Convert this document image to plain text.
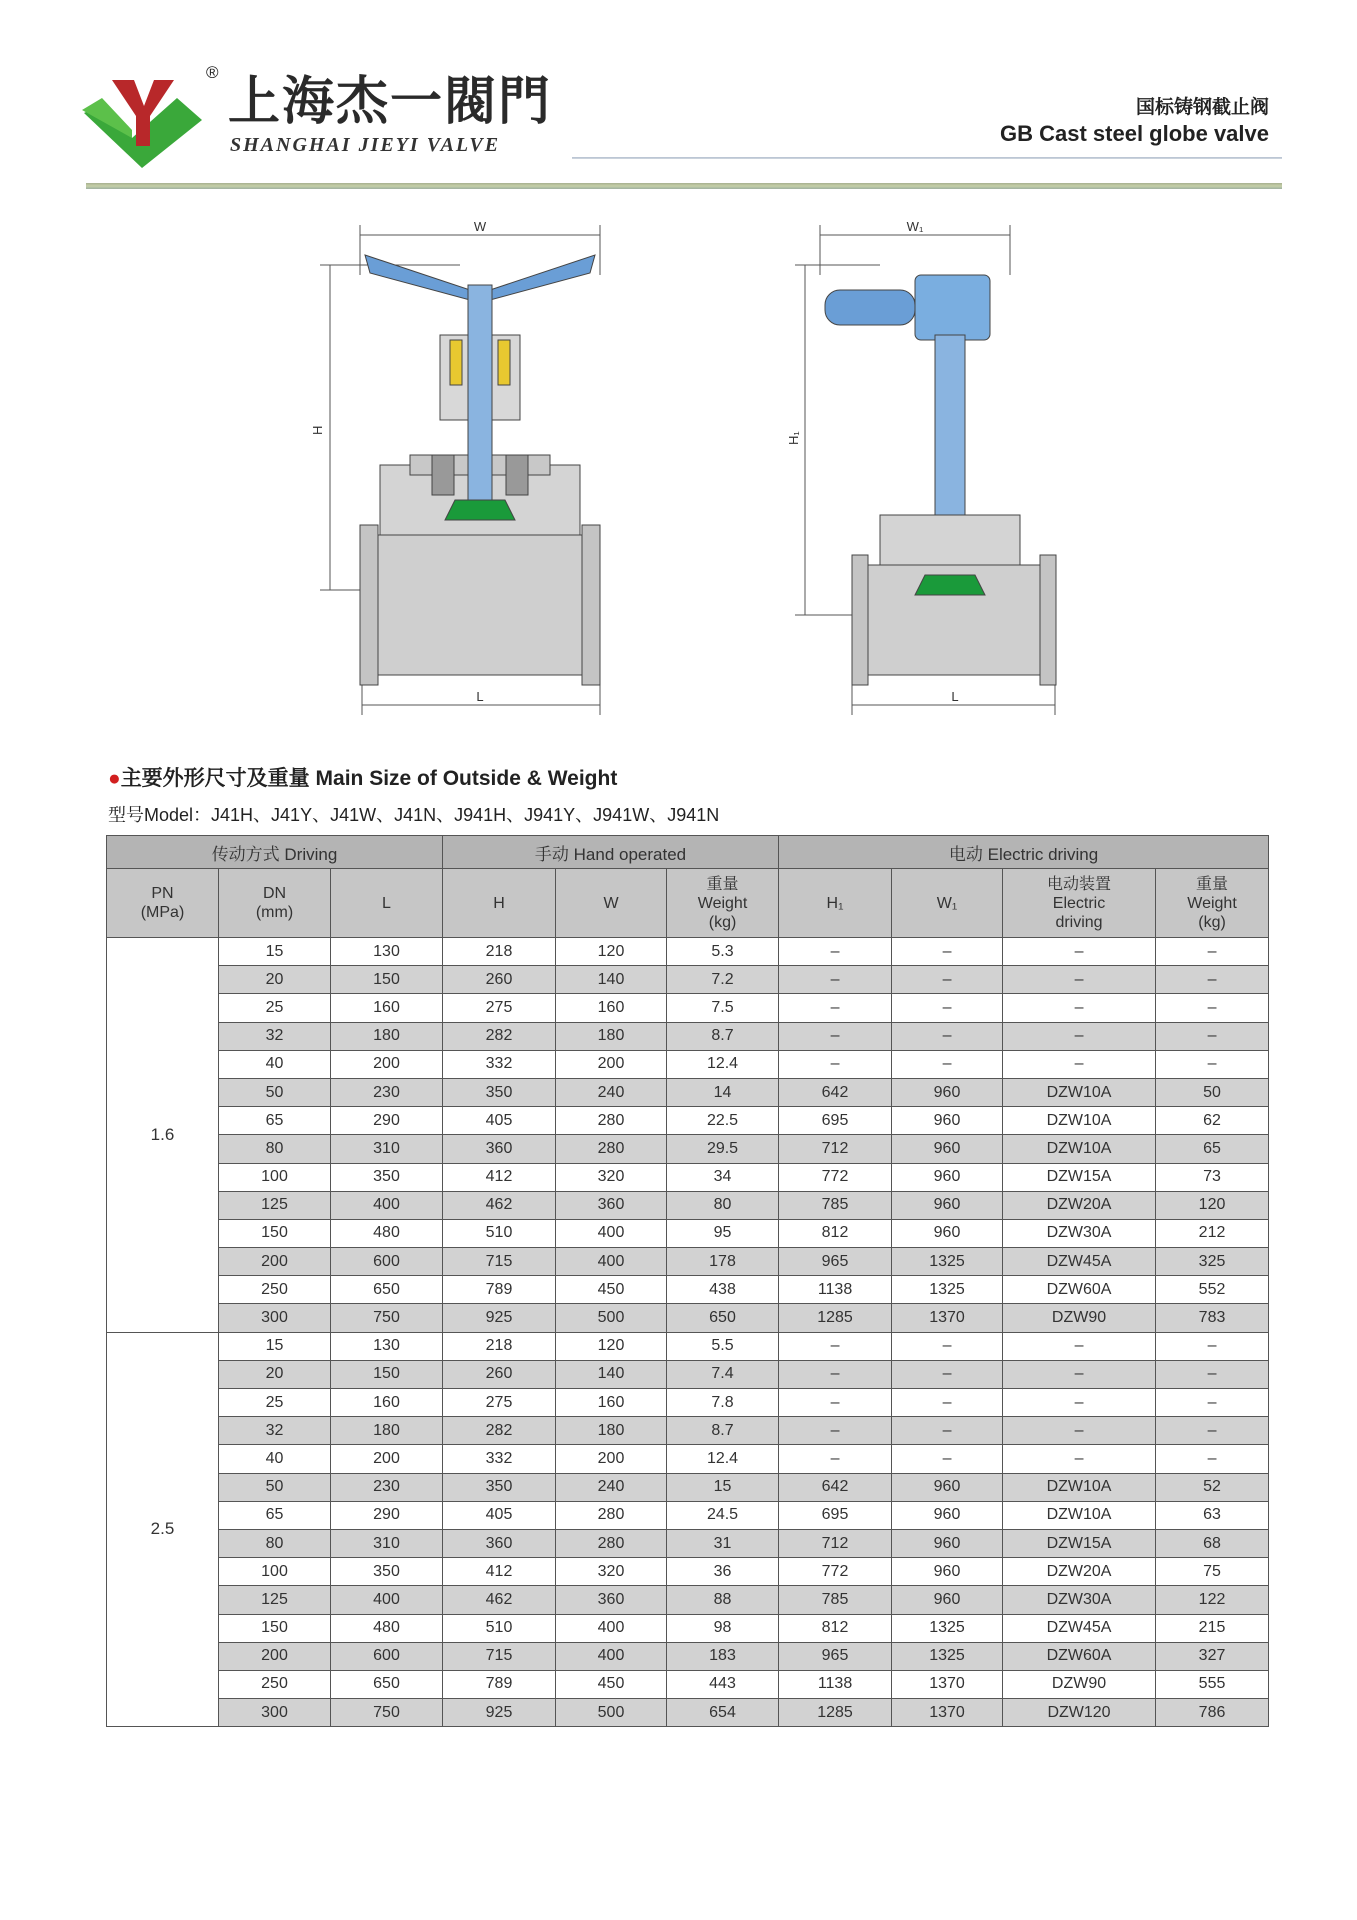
® 上海杰一閥門
SHANGHAI JIEYI VALVE
国标铸钢截止阀
GB Cast steel globe valve
W
H
L
W₁
H₁
L
●主要外形尺寸及重量 Main Size of Outside & Weight
型号Model：J41H、J41Y、J41W、J41N、J941H、J941Y、J941W、J941N
传动方式 Driving			手动 Hand operated			电动 Electric driving			
PN
(MPa)	DN
(mm)	L	H	W	重量
Weight
(kg)	H₁	W₁	电动装置
Electric
driving	重量
Weight
(kg)
1.6	15	130	218	120	5.3	–	–	–	–
	20	150	260	140	7.2	–	–	–	–
	25	160	275	160	7.5	–	–	–	–
	32	180	282	180	8.7	–	–	–	–
	40	200	332	200	12.4	–	–	–	–
	50	230	350	240	14	642	960	DZW10A	50
	65	290	405	280	22.5	695	960	DZW10A	62
	80	310	360	280	29.5	712	960	DZW10A	65
	100	350	412	320	34	772	960	DZW15A	73
	125	400	462	360	80	785	960	DZW20A	120
	150	480	510	400	95	812	960	DZW30A	212
	200	600	715	400	178	965	1325	DZW45A	325
	250	650	789	450	438	1138	1325	DZW60A	552
	300	750	925	500	650	1285	1370	DZW90	783
2.5	15	130	218	120	5.5	–	–	–	–
	20	150	260	140	7.4	–	–	–	–
	25	160	275	160	7.8	–	–	–	–
	32	180	282	180	8.7	–	–	–	–
	40	200	332	200	12.4	–	–	–	–
	50	230	350	240	15	642	960	DZW10A	52
	65	290	405	280	24.5	695	960	DZW10A	63
	80	310	360	280	31	712	960	DZW15A	68
	100	350	412	320	36	772	960	DZW20A	75
	125	400	462	360	88	785	960	DZW30A	122
	150	480	510	400	98	812	1325	DZW45A	215
	200	600	715	400	183	965	1325	DZW60A	327
	250	650	789	450	443	1138	1370	DZW90	555
	300	750	925	500	654	1285	1370	DZW120	786
